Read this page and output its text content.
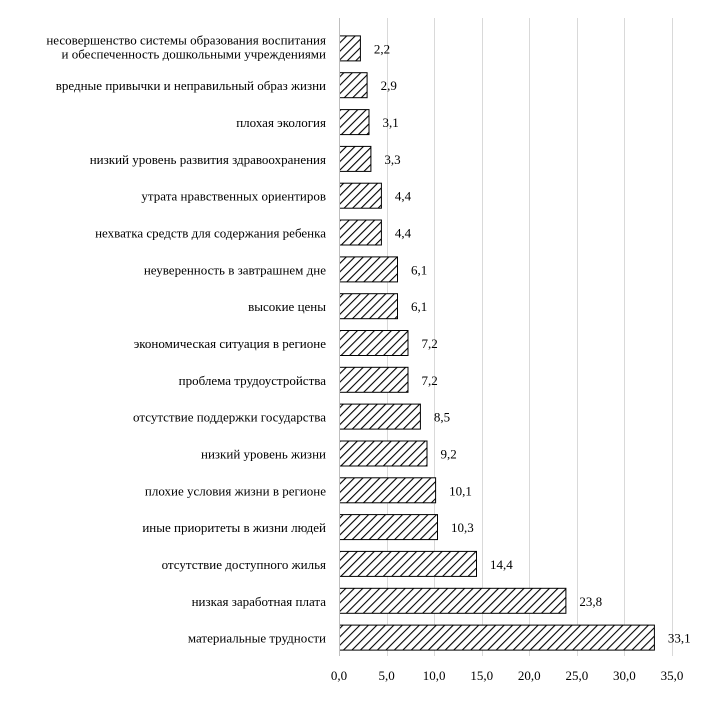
0,0 5,0 10,0 15,0 20,0 25,0 30,0 35,0
2,2
несовершенство системы образования воспитания
и обеспеченность дошкольными учреждениями
2,9
вредные привычки и неправильный образ жизни
3,1
плохая экология
3,3
низкий уровень развития здравоохранения
4,4
утрата нравственных ориентиров
4,4
нехватка средств для содержания ребенка
6,1
неуверенность в завтрашнем дне
6,1
высокие цены
7,2
экономическая ситуация в регионе
7,2
проблема трудоустройства
8,5
отсутствие поддержки государства
9,2
низкий уровень жизни
10,1
плохие условия жизни в регионе
10,3
иные приоритеты в жизни людей
14,4
отсутствие доступного жилья
23,8
низкая заработная плата
33,1
материальные трудности
